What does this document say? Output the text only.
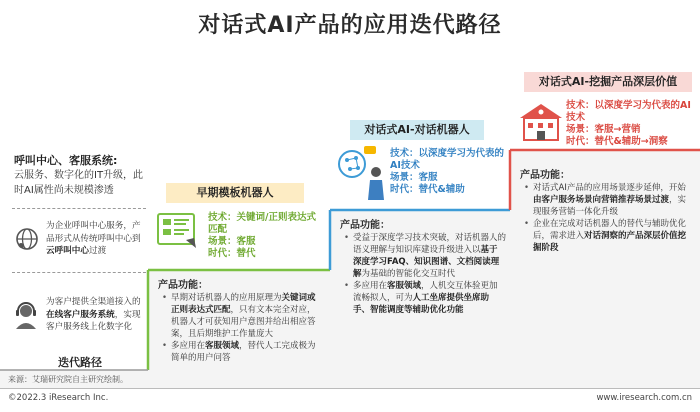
对话式AI产品的应用迭代路径
呼叫中心、客服系统:
云服务、数字化的IT升级，此时AI属性尚未规模渗透
为企业呼叫中心服务，产品形式从传统呼叫中心到云呼叫中心过渡
为客户提供全渠道接入的在线客户服务系统，实现客户服务线上化数字化
迭代路径
早期模板机器人
技术：关键词/正则表达式匹配
场景：客服
时代：替代
产品功能：
• 早期对话机器人的应用原理为关键词或正则表达式匹配，只有文本完全对应，机器人才可获知用户意图并给出相应答案，且后期维护工作量庞大
• 多应用在客服领域，替代人工完成极为简单的用户问答
对话式AI-对话机器人
技术：以深度学习为代表的AI技术
场景：客服
时代：替代&辅助
产品功能：
• 受益于深度学习技术突破，对话机器人的语义理解与知识库建设升级进入以基于深度学习FAQ、知识图谱、文档阅读理解为基础的智能化交互时代
• 多应用在客服领域，人机交互体验更加流畅拟人，可为人工坐席提供坐席助手、智能调度等辅助优化功能
对话式AI-挖掘产品深层价值
技术：以深度学习为代表的AI技术
场景：客服→营销
时代：替代&辅助→洞察
产品功能：
• 对话式AI产品的应用场景逐步延伸，开始由客户服务场景向营销推荐场景过渡，实现服务营销一体化升级
• 企业在完成对话机器人的替代与辅助优化后，需求进入对话洞察的产品深层价值挖掘阶段
来源：艾瑞研究院自主研究绘制。
©2022.3 iResearch Inc.	www.iresearch.com.cn
